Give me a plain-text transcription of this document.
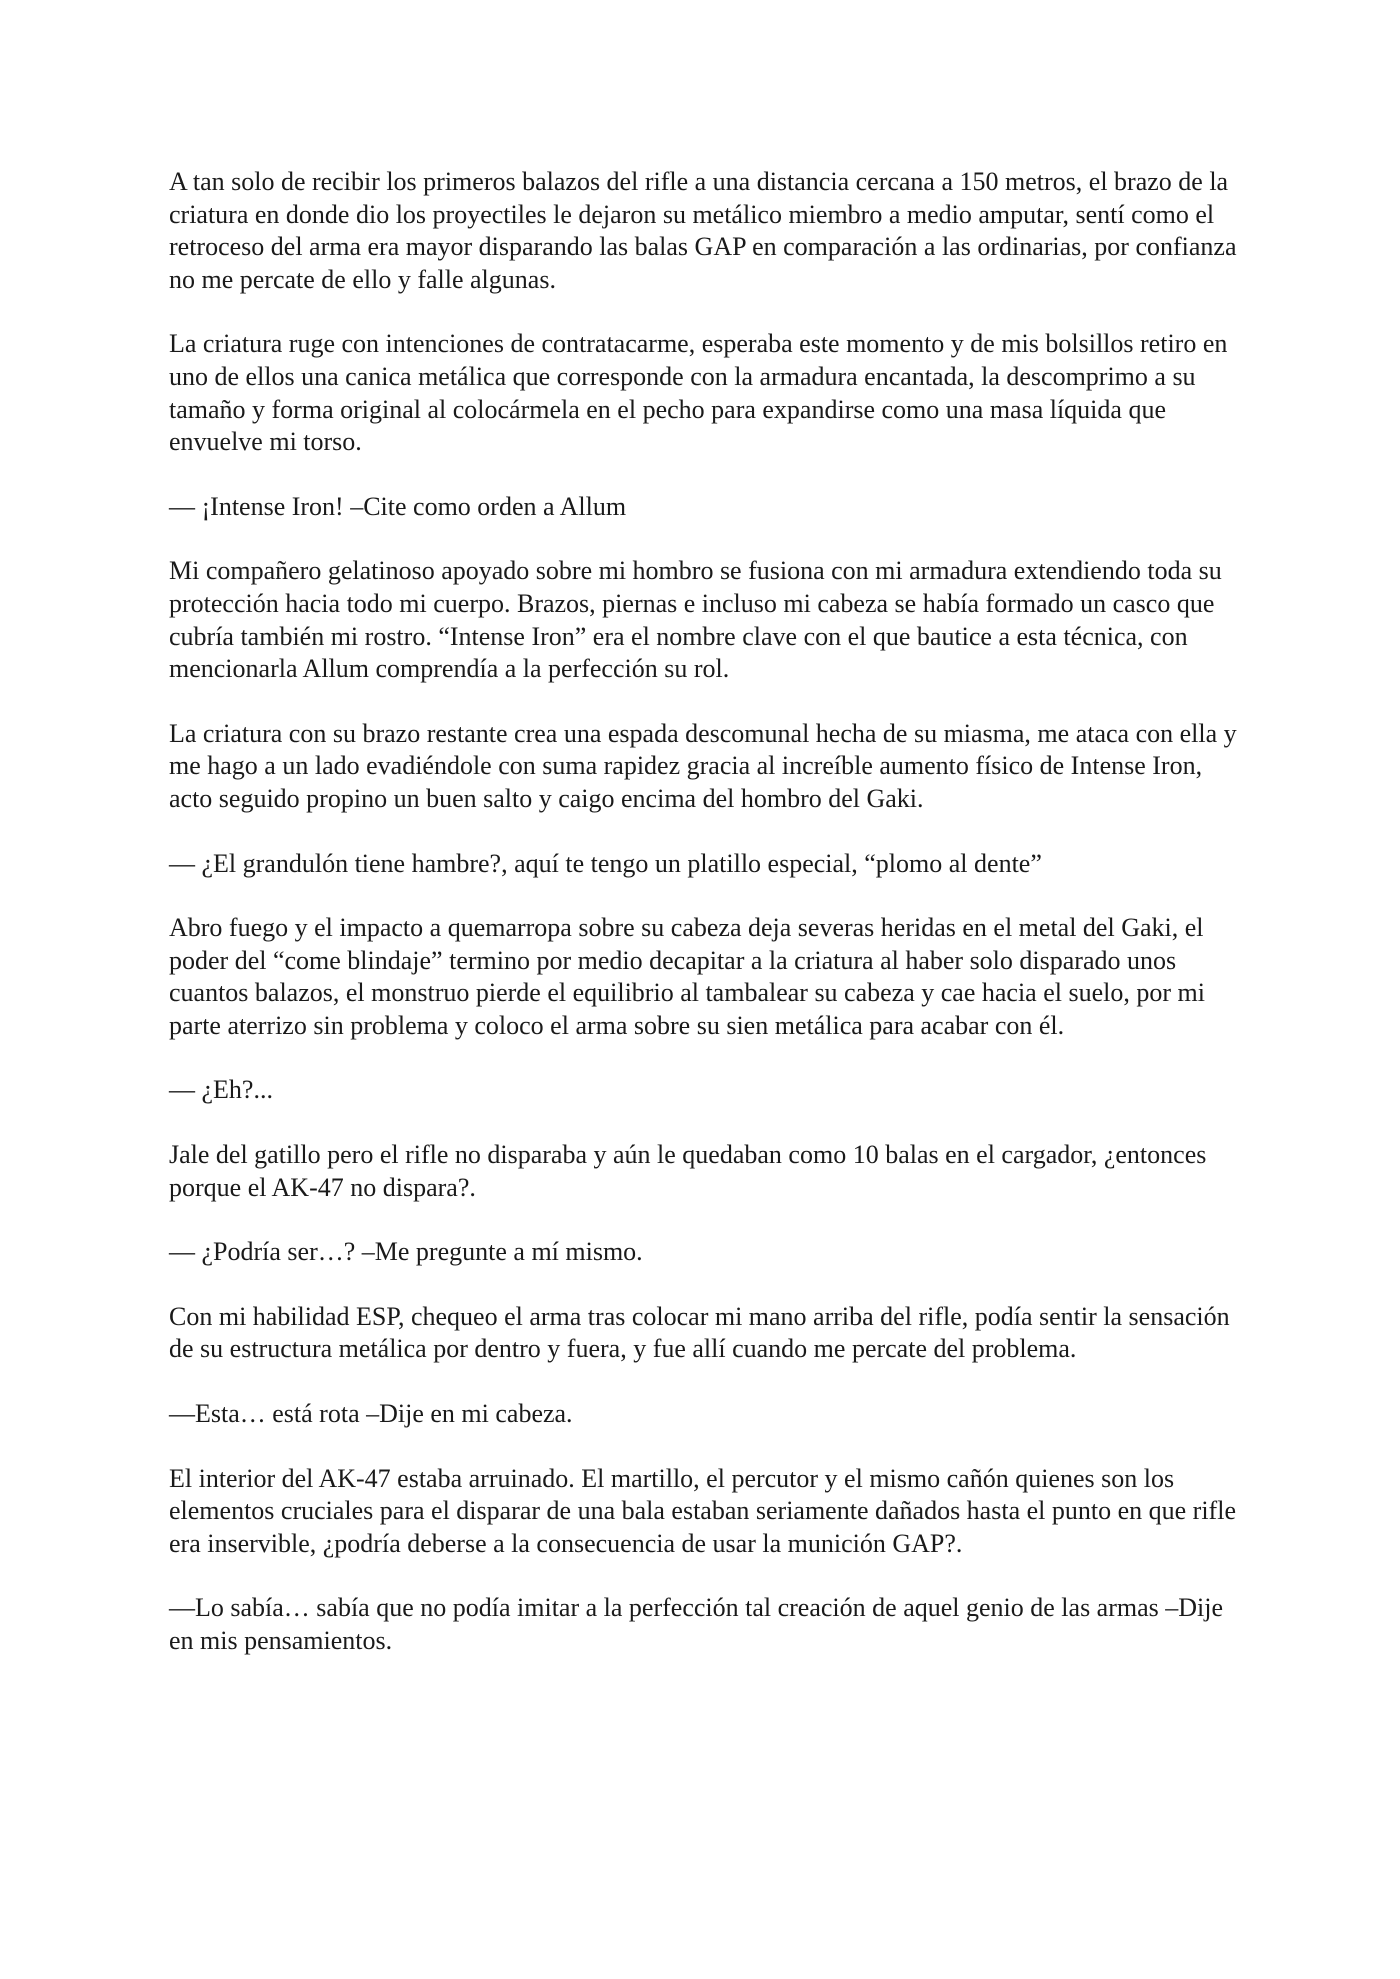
A tan solo de recibir los primeros balazos del rifle a una distancia cercana a 150 metros, el brazo de la criatura en donde dio los proyectiles le dejaron su metálico miembro a medio amputar, sentí como el retroceso del arma era mayor disparando las balas GAP en comparación a las ordinarias, por confianza no me percate de ello y falle algunas.

La criatura ruge con intenciones de contratacarme, esperaba este momento y de mis bolsillos retiro en uno de ellos una canica metálica que corresponde con la armadura encantada, la descomprimo a su tamaño y forma original al colocármela en el pecho para expandirse como una masa líquida que envuelve mi torso.

— ¡Intense Iron! –Cite como orden a Allum

Mi compañero gelatinoso apoyado sobre mi hombro se fusiona con mi armadura extendiendo toda su protección hacia todo mi cuerpo. Brazos, piernas e incluso mi cabeza se había formado un casco que cubría también mi rostro. “Intense Iron” era el nombre clave con el que bautice a esta técnica, con mencionarla Allum comprendía a la perfección su rol.

La criatura con su brazo restante crea una espada descomunal hecha de su miasma, me ataca con ella y me hago a un lado evadiéndole con suma rapidez gracia al increíble aumento físico de Intense Iron, acto seguido propino un buen salto y caigo encima del hombro del Gaki.

— ¿El grandulón tiene hambre?, aquí te tengo un platillo especial, “plomo al dente”

Abro fuego y el impacto a quemarropa sobre su cabeza deja severas heridas en el metal del Gaki, el poder del “come blindaje” termino por medio decapitar a la criatura al haber solo disparado unos cuantos balazos, el monstruo pierde el equilibrio al tambalear su cabeza y cae hacia el suelo, por mi parte aterrizo sin problema y coloco el arma sobre su sien metálica para acabar con él.

— ¿Eh?...

Jale del gatillo pero el rifle no disparaba y aún le quedaban como 10 balas en el cargador, ¿entonces porque el AK-47 no dispara?.

— ¿Podría ser…? –Me pregunte a mí mismo.

Con mi habilidad ESP, chequeo el arma tras colocar mi mano arriba del rifle, podía sentir la sensación de su estructura metálica por dentro y fuera, y fue allí cuando me percate del problema.

—Esta… está rota –Dije en mi cabeza.

El interior del AK-47 estaba arruinado. El martillo, el percutor y el mismo cañón quienes son los elementos cruciales para el disparar de una bala estaban seriamente dañados hasta el punto en que rifle era inservible, ¿podría deberse a la consecuencia de usar la munición GAP?.

—Lo sabía… sabía que no podía imitar a la perfección tal creación de aquel genio de las armas –Dije en mis pensamientos.
